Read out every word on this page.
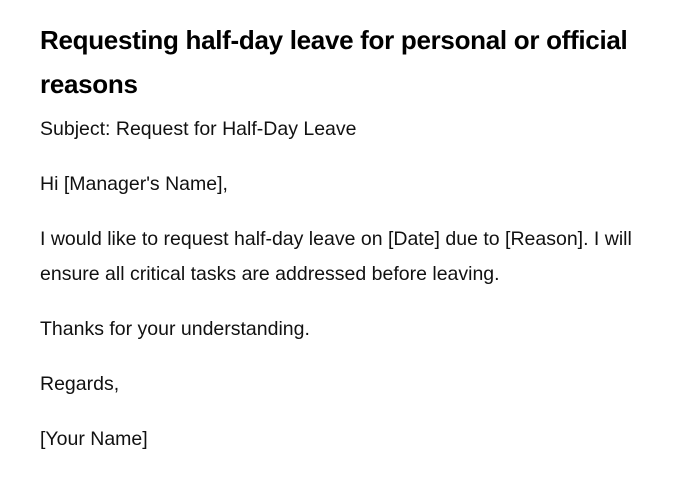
Requesting half-day leave for personal or official reasons

Subject: Request for Half-Day Leave

Hi [Manager's Name],

I would like to request half-day leave on [Date] due to [Reason]. I will ensure all critical tasks are addressed before leaving.

Thanks for your understanding.

Regards,

[Your Name]
